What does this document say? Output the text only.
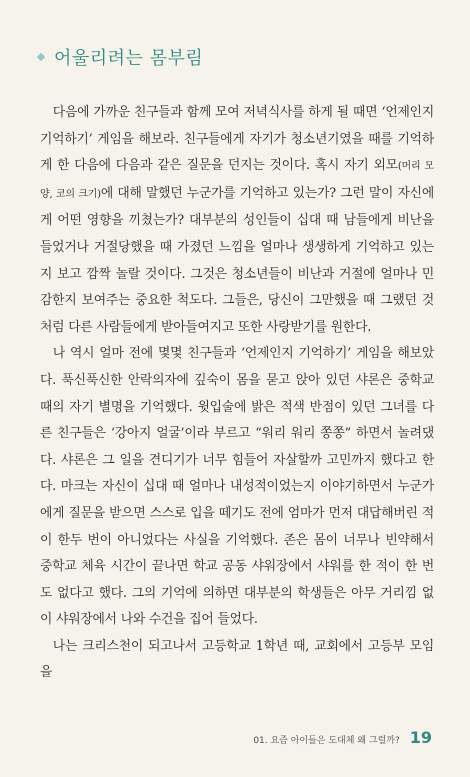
어울리려는 몸부림

다음에 가까운 친구들과 함께 모여 저녁식사를 하게 될 때면 ‘언제인지 기억하기’ 게임을 해보라. 친구들에게 자기가 청소년기였을 때를 기억하게 한 다음에 다음과 같은 질문을 던지는 것이다. 혹시 자기 외모(머리 모양, 코의 크기)에 대해 말했던 누군가를 기억하고 있는가? 그런 말이 자신에게 어떤 영향을 끼쳤는가? 대부분의 성인들이 십대 때 남들에게 비난을 들었거나 거절당했을 때 가졌던 느낌을 얼마나 생생하게 기억하고 있는지 보고 깜짝 놀랄 것이다. 그것은 청소년들이 비난과 거절에 얼마나 민감한지 보여주는 중요한 척도다. 그들은, 당신이 그만했을 때 그랬던 것처럼 다른 사람들에게 받아들여지고 또한 사랑받기를 원한다.

나 역시 얼마 전에 몇몇 친구들과 ‘언제인지 기억하기’ 게임을 해보았다. 푹신푹신한 안락의자에 깊숙이 몸을 묻고 앉아 있던 샤론은 중학교 때의 자기 별명을 기억했다. 윗입술에 밝은 적색 반점이 있던 그녀를 다른 친구들은 ‘강아지 얼굴’이라 부르고 “워리 워리 쫑쫑” 하면서 놀려댔다. 샤론은 그 일을 견디기가 너무 힘들어 자살할까 고민까지 했다고 한다. 마크는 자신이 십대 때 얼마나 내성적이었는지 이야기하면서 누군가에게 질문을 받으면 스스로 입을 떼기도 전에 엄마가 먼저 대답해버린 적이 한두 번이 아니었다는 사실을 기억했다. 존은 몸이 너무나 빈약해서 중학교 체육 시간이 끝나면 학교 공동 샤워장에서 샤워를 한 적이 한 번도 없다고 했다. 그의 기억에 의하면 대부분의 학생들은 아무 거리낌 없이 샤워장에서 나와 수건을 집어 들었다.

나는 크리스천이 되고나서 고등학교 1학년 때, 교회에서 고등부 모임을

01. 요즘 아이들은 도대체 왜 그럴까? 19
